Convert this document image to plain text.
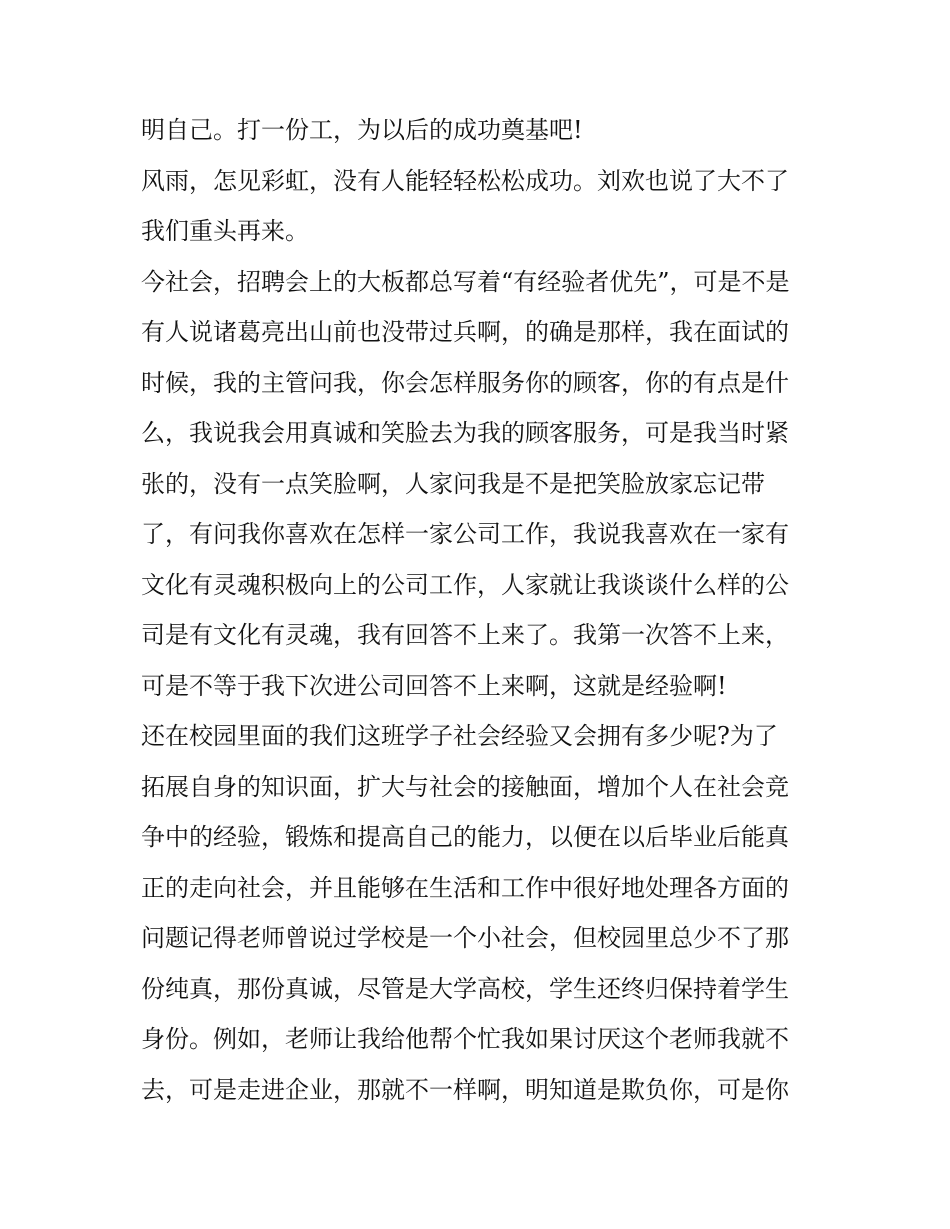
明自己。打一份工，为以后的成功奠基吧!
风雨，怎见彩虹，没有人能轻轻松松成功。刘欢也说了大不了
我们重头再来。
今社会，招聘会上的大板都总写着“有经验者优先”，可是不是
有人说诸葛亮出山前也没带过兵啊，的确是那样，我在面试的
时候，我的主管问我，你会怎样服务你的顾客，你的有点是什
么，我说我会用真诚和笑脸去为我的顾客服务，可是我当时紧
张的，没有一点笑脸啊，人家问我是不是把笑脸放家忘记带
了，有问我你喜欢在怎样一家公司工作，我说我喜欢在一家有
文化有灵魂积极向上的公司工作，人家就让我谈谈什么样的公
司是有文化有灵魂，我有回答不上来了。我第一次答不上来，
可是不等于我下次进公司回答不上来啊，这就是经验啊!
还在校园里面的我们这班学子社会经验又会拥有多少呢?为了
拓展自身的知识面，扩大与社会的接触面，增加个人在社会竞
争中的经验，锻炼和提高自己的能力，以便在以后毕业后能真
正的走向社会，并且能够在生活和工作中很好地处理各方面的
问题记得老师曾说过学校是一个小社会，但校园里总少不了那
份纯真，那份真诚，尽管是大学高校，学生还终归保持着学生
身份。例如，老师让我给他帮个忙我如果讨厌这个老师我就不
去，可是走进企业，那就不一样啊，明知道是欺负你，可是你
